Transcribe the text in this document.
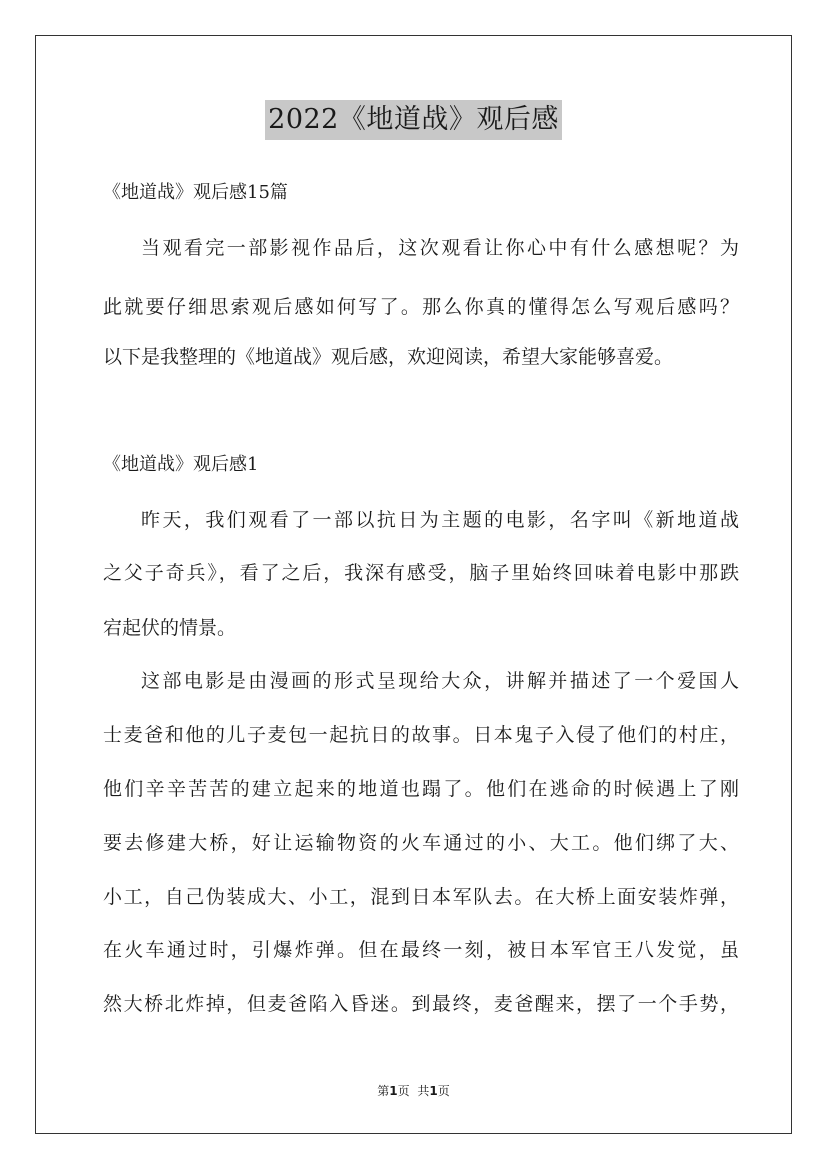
2022《地道战》观后感
《地道战》观后感15篇
当观看完一部影视作品后，这次观看让你心中有什么感想呢？为
此就要仔细思索观后感如何写了。那么你真的懂得怎么写观后感吗？
以下是我整理的《地道战》观后感，欢迎阅读，希望大家能够喜爱。
《地道战》观后感1
昨天，我们观看了一部以抗日为主题的电影，名字叫《新地道战
之父子奇兵》，看了之后，我深有感受，脑子里始终回味着电影中那跌
宕起伏的情景。
这部电影是由漫画的形式呈现给大众，讲解并描述了一个爱国人
士麦爸和他的儿子麦包一起抗日的故事。日本鬼子入侵了他们的村庄，
他们辛辛苦苦的建立起来的地道也蹋了。他们在逃命的时候遇上了刚
要去修建大桥，好让运输物资的火车通过的小、大工。他们绑了大、
小工，自己伪装成大、小工，混到日本军队去。在大桥上面安装炸弹，
在火车通过时，引爆炸弹。但在最终一刻，被日本军官王八发觉，虽
然大桥北炸掉，但麦爸陷入昏迷。到最终，麦爸醒来，摆了一个手势，
第1页 共1页
